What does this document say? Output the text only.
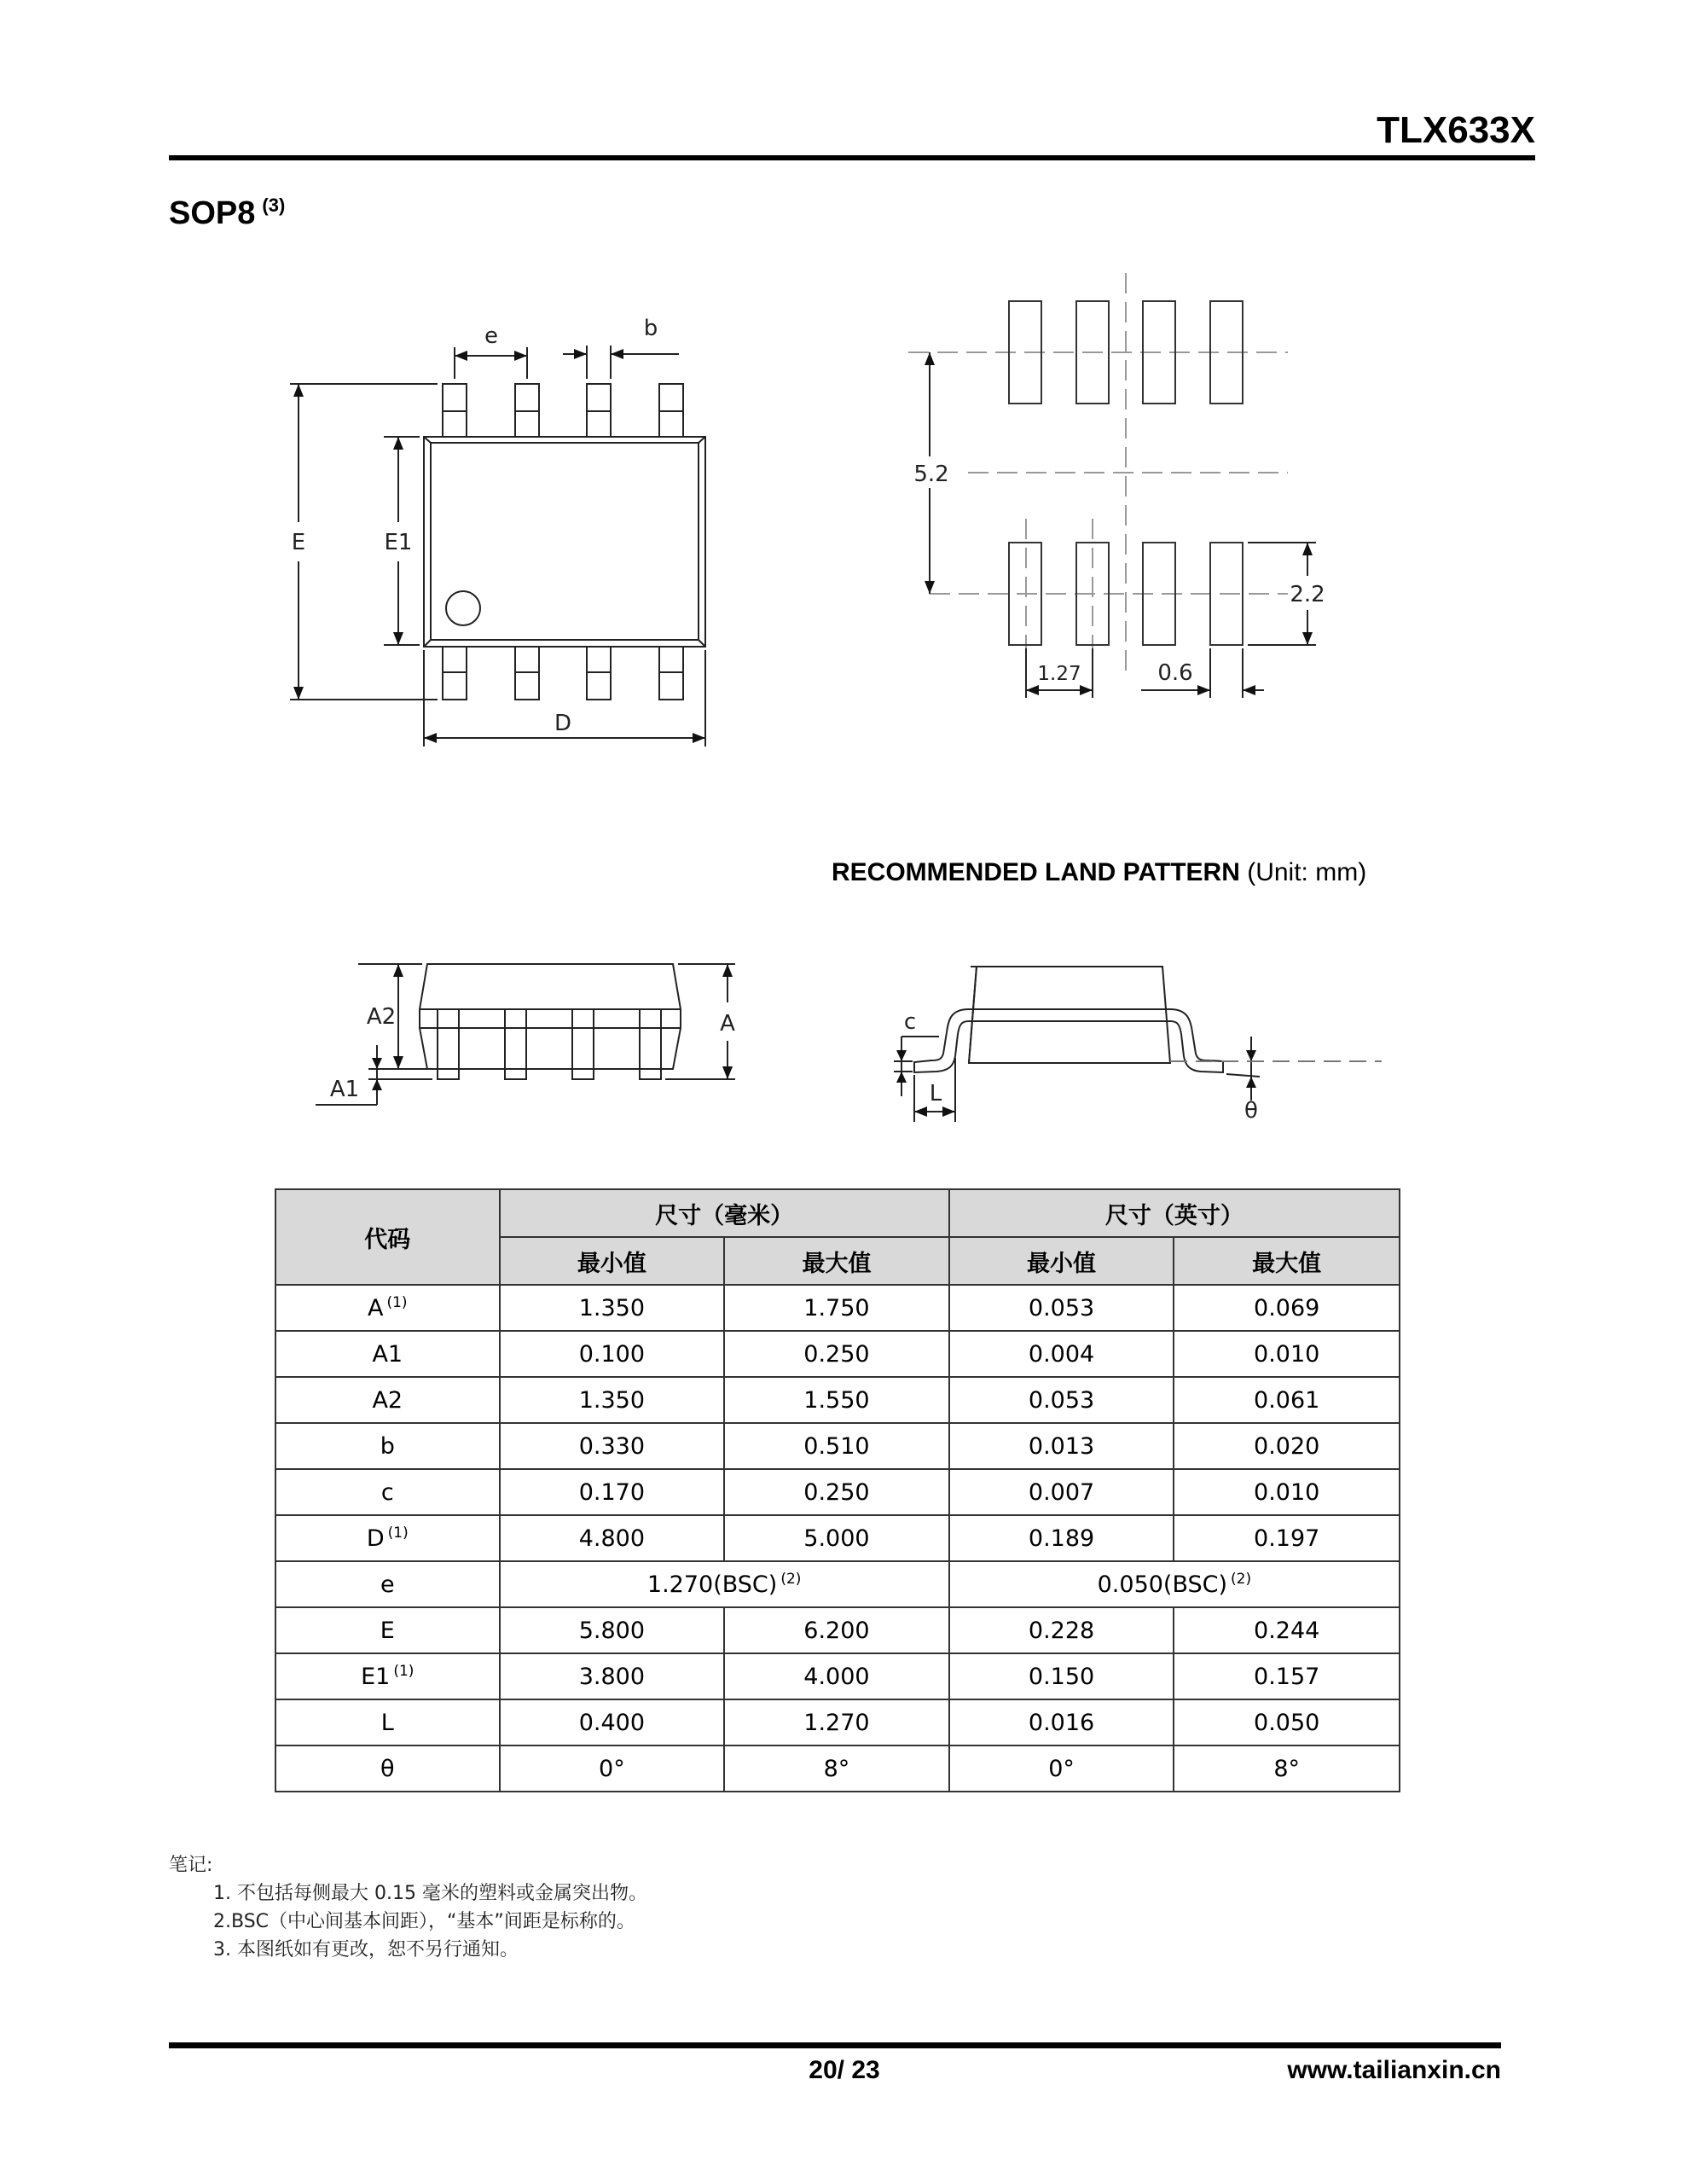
TLX633X
SOP8 $^{(3)}$
e	b
E	E1
D
5.2
2.2
1.27	0.6
RECOMMENDED LAND PATTERN (Unit: mm)
A2	A
A1
c
L
θ
代码	尺寸（毫米）		尺寸（英寸）	
	最小值	最大值	最小值	最大值
A $^{(1)}$	1.350	1.750	0.053	0.069
A1	0.100	0.250	0.004	0.010
A2	1.350	1.550	0.053	0.061
b	0.330	0.510	0.013	0.020
c	0.170	0.250	0.007	0.010
D $^{(1)}$	4.800	5.000	0.189	0.197
e	1.270(BSC) $^{(2)}$		0.050(BSC) $^{(2)}$
E	5.800	6.200	0.228	0.244
E1 $^{(1)}$	3.800	4.000	0.150	0.157
L	0.400	1.270	0.016	0.050
θ	0°	8°	0°	8°
笔记:
1. 不包括每侧最大 0.15 毫米的塑料或金属突出物。
2.BSC（中心间基本间距），“基本”间距是标称的。
3. 本图纸如有更改，恕不另行通知。
20/ 23	www.tailianxin.cn
